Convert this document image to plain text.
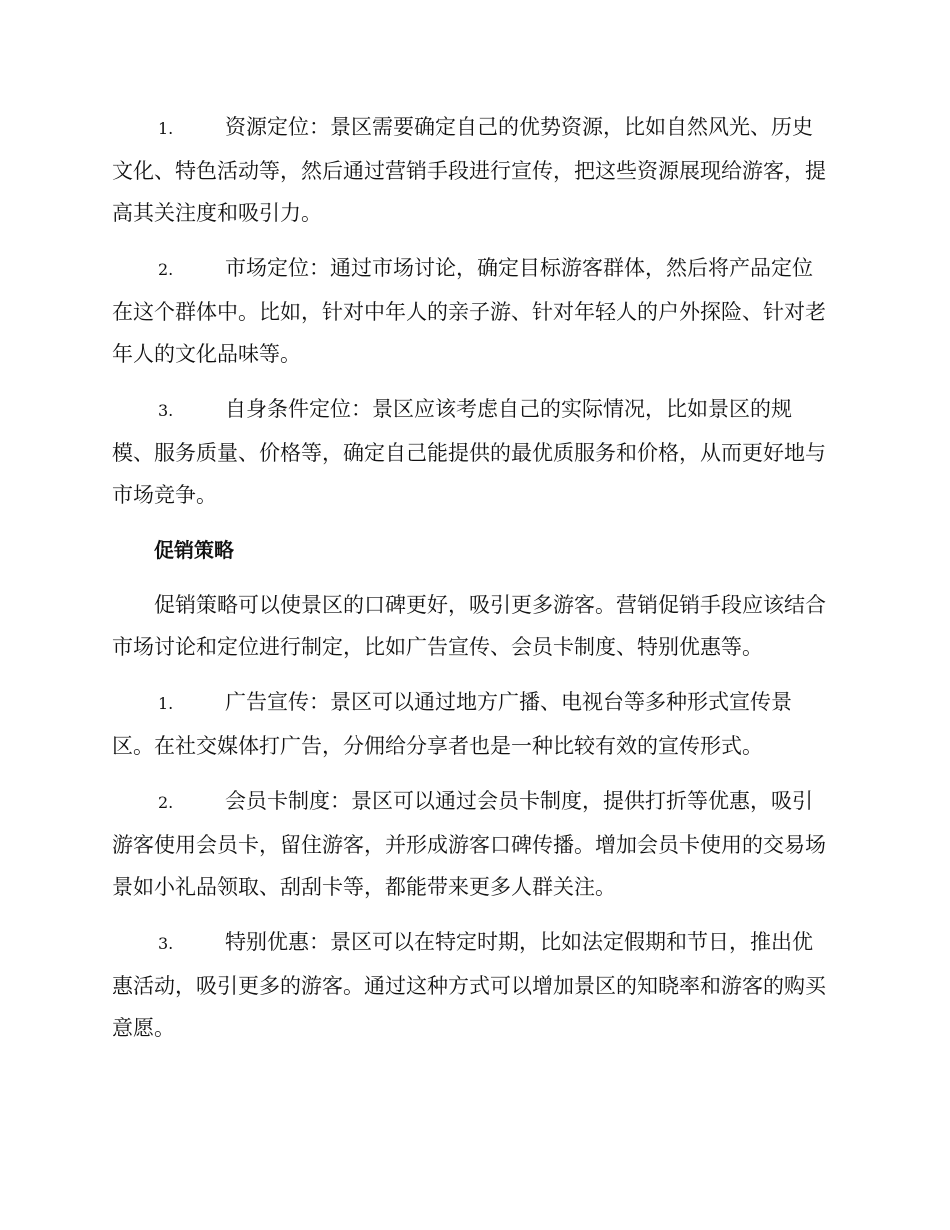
1. 资源定位：景区需要确定自己的优势资源，比如自然风光、历史文化、特色活动等，然后通过营销手段进行宣传，把这些资源展现给游客，提高其关注度和吸引力。

2. 市场定位：通过市场讨论，确定目标游客群体，然后将产品定位在这个群体中。比如，针对中年人的亲子游、针对年轻人的户外探险、针对老年人的文化品味等。

3. 自身条件定位：景区应该考虑自己的实际情况，比如景区的规模、服务质量、价格等，确定自己能提供的最优质服务和价格，从而更好地与市场竞争。

促销策略

促销策略可以使景区的口碑更好，吸引更多游客。营销促销手段应该结合市场讨论和定位进行制定，比如广告宣传、会员卡制度、特别优惠等。

1. 广告宣传：景区可以通过地方广播、电视台等多种形式宣传景区。在社交媒体打广告，分佣给分享者也是一种比较有效的宣传形式。

2. 会员卡制度：景区可以通过会员卡制度，提供打折等优惠，吸引游客使用会员卡，留住游客，并形成游客口碑传播。增加会员卡使用的交易场景如小礼品领取、刮刮卡等，都能带来更多人群关注。

3. 特别优惠：景区可以在特定时期，比如法定假期和节日，推出优惠活动，吸引更多的游客。通过这种方式可以增加景区的知晓率和游客的购买意愿。
